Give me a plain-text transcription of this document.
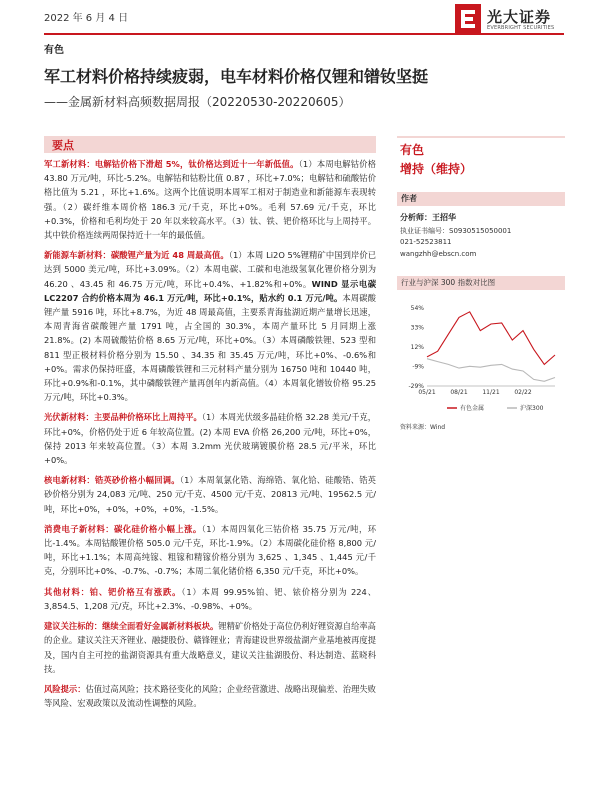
2022 年 6 月 4 日	光大证券
EVERBRIGHT SECURITIES
有色
军工材料价格持续疲弱，电车材料价格仅锂和镨钕坚挺
——金属新材料高频数据周报（20220530-20220605）
要点

军工新材料：电解钴价格下滑超 5%，钛价格达到近十一年新低值。（1）本周电解钴价格 43.80 万元/吨，环比-5.2%。电解钴和钴粉比值 0.87 ，环比+7.0%；电解钴和硫酸钴价格比值为 5.21 ，环比+1.6%。这两个比值说明本周军工相对于制造业和新能源车表现转强。（2）碳纤维本周价格 186.3 元/千克，环比+0%。毛利 57.69 元/千克，环比+0.3%，价格和毛利均处于 20 年以来较高水平。（3）钛、铁、钯价格环比与上周持平。其中铁价格连续两周保持近十一年的最低值。

新能源车新材料：碳酸锂产量为近 48 周最高值。（1）本周 Li2O 5%锂精矿中国到岸价已达到 5000 美元/吨，环比+3.09%。（2）本周电碳、工碳和电池级氢氧化锂价格分别为 46.20 、43.45 和 46.75 万元/吨，环比+0.4%、+1.82%和+0%。WIND 显示电碳 LC2207 合约价格本周为 46.1 万元/吨，环比+0.1%，贴水约 0.1 万元/吨。本周碳酸锂产量 5916 吨，环比+8.7%，为近 48 周最高值，主要系青海盐湖近期产量增长迅速，本周青海省碳酸锂产量 1791 吨，占全国的 30.3%，本周产量环比 5 月同期上涨 21.8%。(2) 本周硫酸钴价格 8.65 万元/吨，环比+0%。（3）本周磷酸铁锂、523 型和 811 型正极材料价格分别为 15.50 、34.35 和 35.45 万元/吨，环比+0%、-0.6%和+0%。需求仍保持旺盛，本周磷酸铁锂和三元材料产量分别为 16750 吨和 10440 吨，环比+0.9%和-0.1%，其中磷酸铁锂产量再创年内新高值。（4）本周氧化镨钕价格 95.25 万元/吨，环比+0.3%。

光伏新材料：主要品种价格环比上周持平。（1）本周光伏级多晶硅价格 32.28 美元/千克，环比+0%，价格仍处于近 6 年较高位置。(2) 本周 EVA 价格 26,200 元/吨，环比+0%，保持 2013 年来较高位置。（3）本周 3.2mm 光伏玻璃镀膜价格 28.5 元/平米，环比+0%。

核电新材料：锆英砂价格小幅回调。（1）本周氧氯化锆、海绵锆、氧化铪、硅酸锆、锆英砂价格分别为 24,083 元/吨、250 元/千克、4500 元/千克、20813 元/吨、19562.5 元/吨，环比+0%，+0%，+0%，+0%，-1.5%。

消费电子新材料：碳化硅价格小幅上涨。（1）本周四氧化三钴价格 35.75 万元/吨，环比-1.4%。本周钴酸锂价格 505.0 元/千克，环比-1.9%。（2）本周碳化硅价格 8,800 元/吨，环比+1.1%；本周高纯镓、粗镓和精镓价格分别为 3,625 、1,345 、1,445 元/千克，分别环比+0%、-0.7%、-0.7%；本周二氧化锗价格 6,350 元/千克，环比+0%。

其他材料：铂、钯价格互有涨跌。（1）本周 99.95%铂、钯、铱价格分别为 224、3,854.5、1,208 元/克，环比+2.3%、-0.98%、+0%。

建议关注标的：继续全面看好金属新材料板块。锂精矿价格处于高位仍利好锂资源自给率高的企业。建议关注天齐锂业、融捷股份、赣锋锂业；青海建设世界级盐湖产业基地被再度提及，国内自主可控的盐湖资源具有重大战略意义，建议关注盐湖股份、科达制造、蓝晓科技。

风险提示：估值过高风险；技术路径变化的风险；企业经营激进、战略出现偏差、治理失败等风险、宏观政策以及流动性调整的风险。

有色
增持（维持）
作者
分析师：王招华
执业证书编号：S0930515050001
021-52523811
wangzhh@ebscn.com
行业与沪深 300 指数对比图
54%
33%
12%
-9%
-29%
05/21 08/21 11/21 02/22
有色金属	沪深300
资料来源：Wind
